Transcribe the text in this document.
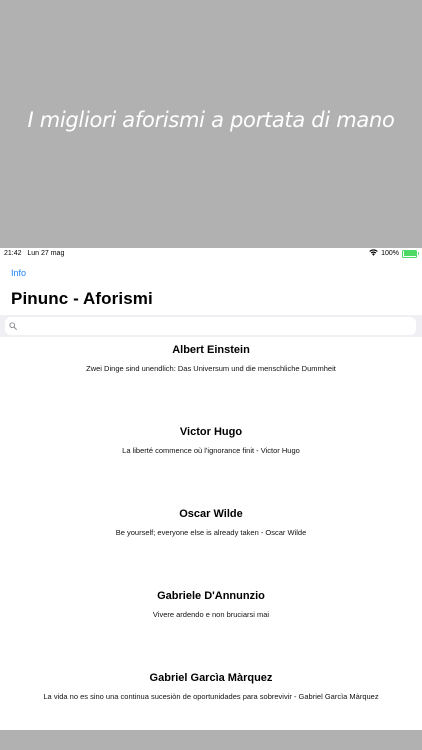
I migliori aforismi a portata di mano
21:42 Lun 27 mag	100%
Info
Pinunc - Aforismi
Albert Einstein
Zwei Dinge sind unendlich: Das Universum und die menschliche Dummheit
Victor Hugo
La liberté commence où l'ignorance finit - Victor Hugo
Oscar Wilde
Be yourself; everyone else is already taken - Oscar Wilde
Gabriele D'Annunzio
Vivere ardendo e non bruciarsi mai
Gabriel Garcìa Màrquez
La vida no es sino una continua sucesiòn de oportunidades para sobrevivir - Gabriel Garcìa Màrquez
